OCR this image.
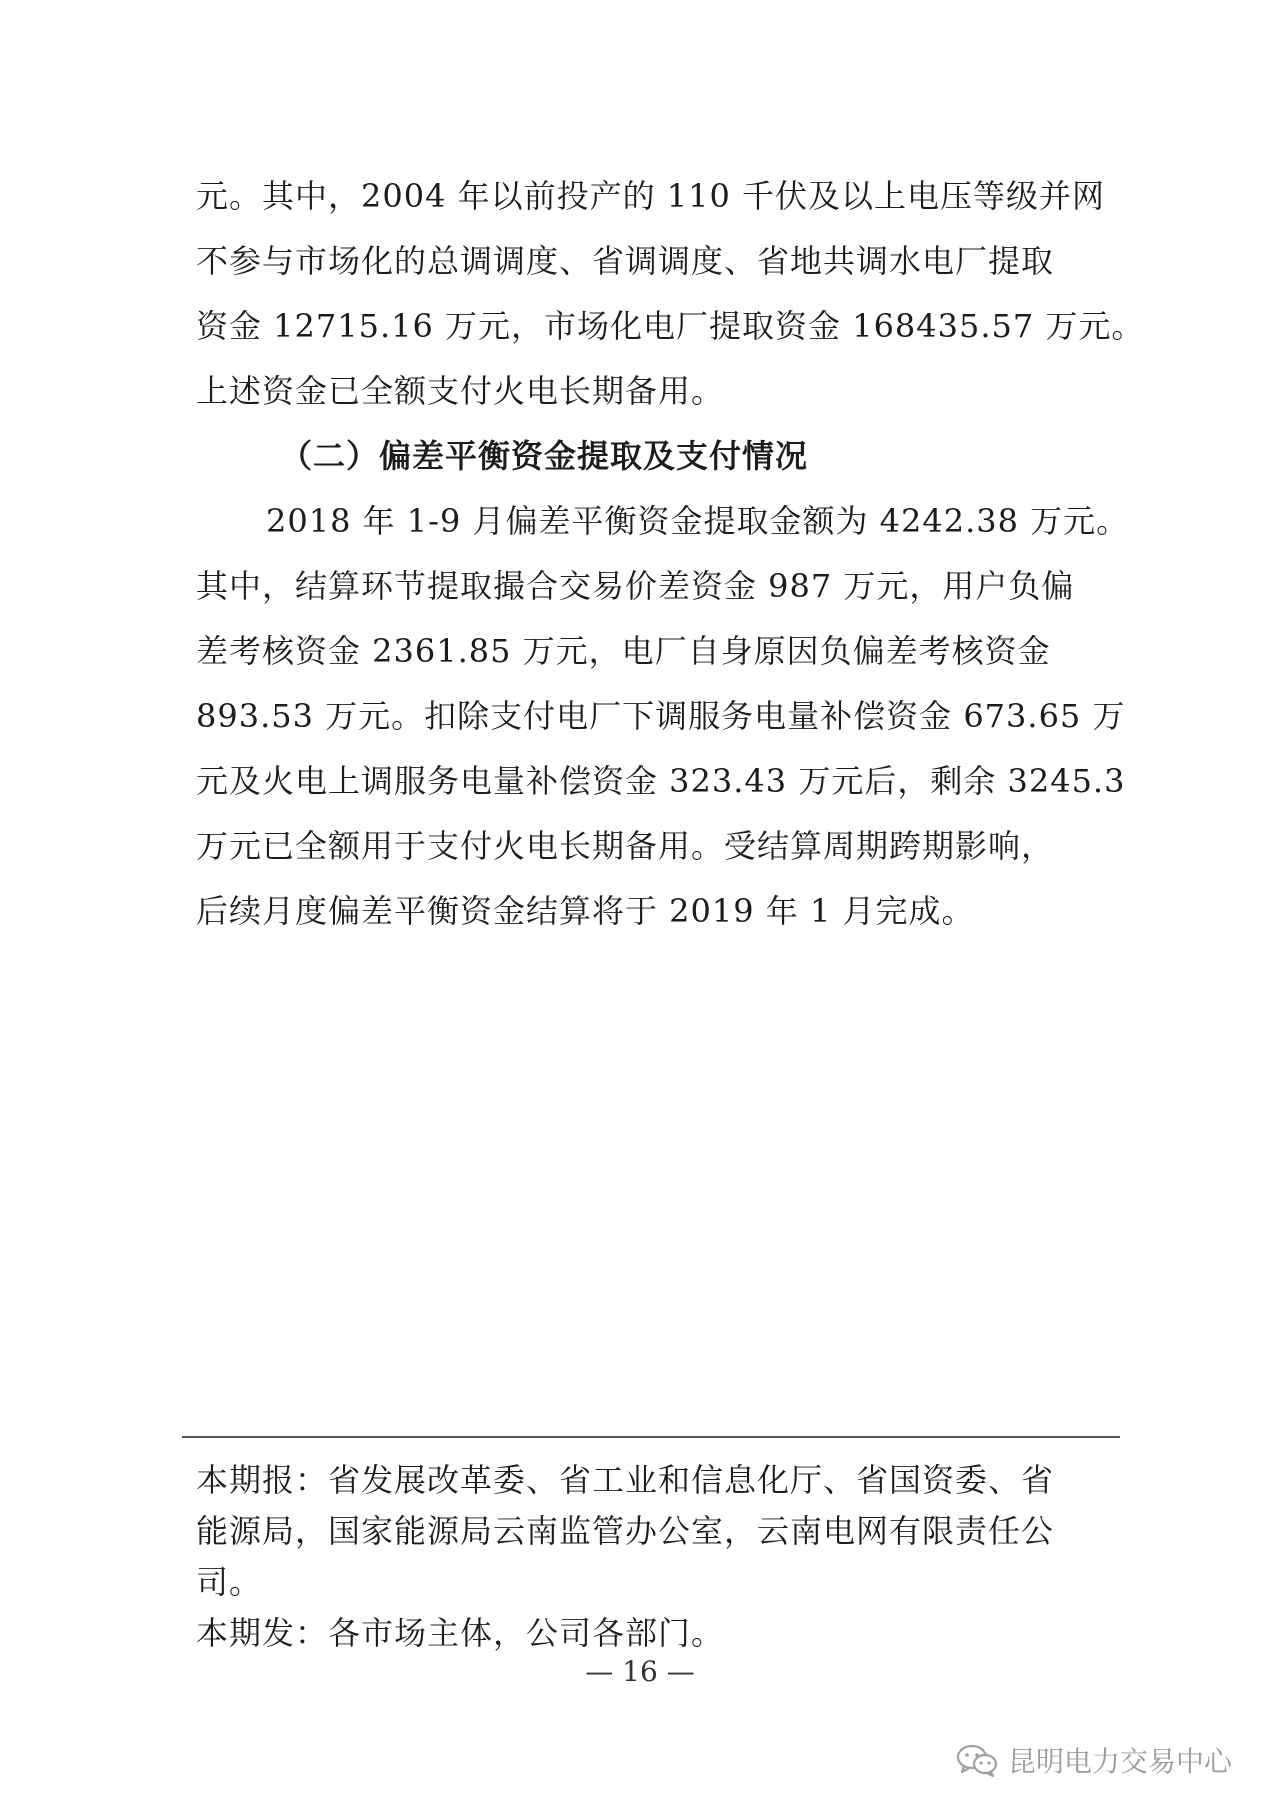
元。其中，2004 年以前投产的 110 千伏及以上电压等级并网
不参与市场化的总调调度、省调调度、省地共调水电厂提取
资金 12715.16 万元，市场化电厂提取资金 168435.57 万元。
上述资金已全额支付火电长期备用。
（二）偏差平衡资金提取及支付情况
2018 年 1-9 月偏差平衡资金提取金额为 4242.38 万元。
其中，结算环节提取撮合交易价差资金 987 万元，用户负偏
差考核资金 2361.85 万元，电厂自身原因负偏差考核资金
893.53 万元。扣除支付电厂下调服务电量补偿资金 673.65 万
元及火电上调服务电量补偿资金 323.43 万元后，剩余 3245.3
万元已全额用于支付火电长期备用。受结算周期跨期影响，
后续月度偏差平衡资金结算将于 2019 年 1 月完成。
本期报：省发展改革委、省工业和信息化厅、省国资委、省
能源局，国家能源局云南监管办公室，云南电网有限责任公
司。
本期发：各市场主体，公司各部门。
— 16 —
昆明电力交易中心
